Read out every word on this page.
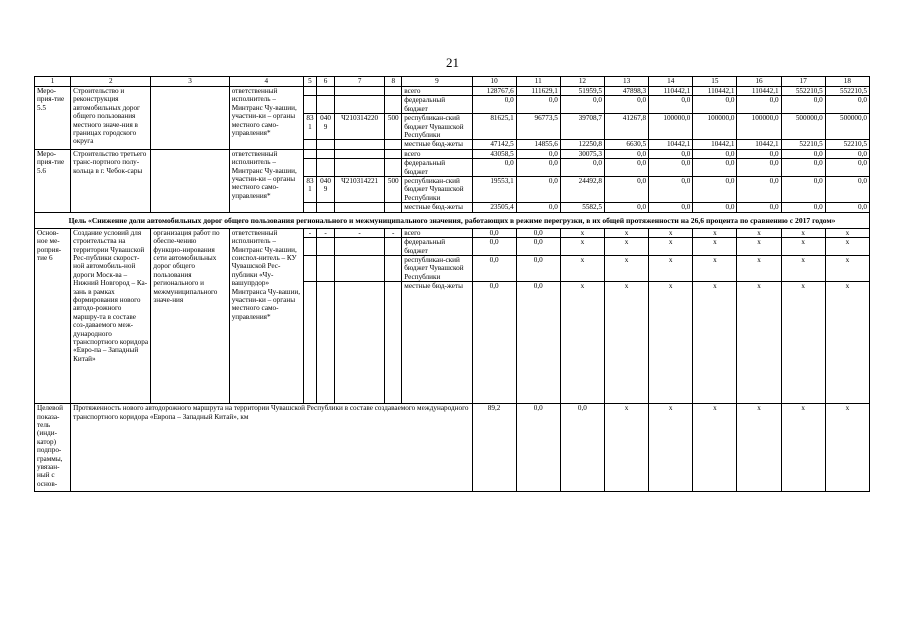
21
1	2	3	4	5	6	7	8	9	10	11	12	13	14	15	16	17	18
Меро-прия-тие 5.5	Строительство и реконструкция автомобильных дорог общего пользования местного значе-ния в границах городского округа		ответственный исполнитель – Минтранс Чу-вашии, участни-ки – органы местного само-управления*					всего	128767,6	111629,1	51959,5	47898,3	110442,1	110442,1	110442,1	552210,5	552210,5
								федеральный бюджет	0,0	0,0	0,0	0,0	0,0	0,0	0,0	0,0	0,0
				831	0409	Ч210314220	500	республикан-ский бюджет Чувашской Республики	81625,1	96773,5	39708,7	41267,8	100000,0	100000,0	100000,0	500000,0	500000,0
								местные бюд-жеты	47142,5	14855,6	12250,8	6630,5	10442,1	10442,1	10442,1	52210,5	52210,5
Меро-прия-тие 5.6	Строительство третьего транс-портного полу-кольца в г. Чебок-сары		ответственный исполнитель – Минтранс Чу-вашии, участни-ки – органы местного само-управления*					всего	43058,5	0,0	30075,3	0,0	0,0	0,0	0,0	0,0	0,0
								федеральный бюджет	0,0	0,0	0,0	0,0	0,0	0,0	0,0	0,0	0,0
				831	0409	Ч210314221	500	республикан-ский бюджет Чувашской Республики	19553,1	0,0	24492,8	0,0	0,0	0,0	0,0	0,0	0,0
								местные бюд-жеты	23505,4	0,0	5582,5	0,0	0,0	0,0	0,0	0,0	0,0
Цель «Снижение доли автомобильных дорог общего пользования регионального и межмуниципального значения, работающих в режиме перегрузки, в их общей протяженности на 26,6 процента по сравнению с 2017 годом»																	
Основ-ное ме-роприя-тие 6	Создание условий для строительства на территории Чувашской Рес-публики скорост-ной автомобиль-ной дороги Моск-ва – Нижний Новгород – Ка-зань в рамках формирования нового автодо-рожного маршру-та в составе соз-даваемого меж-дународного транспортного коридора «Евро-па – Западный Китай»	организация работ по обеспе-чению функцио-нирования сети автомобильных дорог общего пользования регионального и межмуниципального значе-ния	ответственный исполнитель – Минтранс Чу-вашии, соиспол-нитель – КУ Чувашской Рес-публики «Чу-вашупрдор» Минтранса Чу-вашии, участни-ки – органы местного само-управления*	-	-	-	-	всего	0,0	0,0	x	x	x	x	x	x	x
								федеральный бюджет	0,0	0,0	x	x	x	x	x	x	x
								республикан-ский бюджет Чувашской Республики	0,0	0,0	x	x	x	x	x	x	x
								местные бюд-жеты	0,0	0,0	x	x	x	x	x	x	x
Целевой показа-тель (инди-катор) подпро-граммы, увязан-ный с основ-	Протяженность нового автодорожного маршрута на территории Чувашской Республики в составе создаваемого международного транспортного коридора «Европа – Западный Китай», км								89,2	0,0	0,0	x	x	x	x	x	x
